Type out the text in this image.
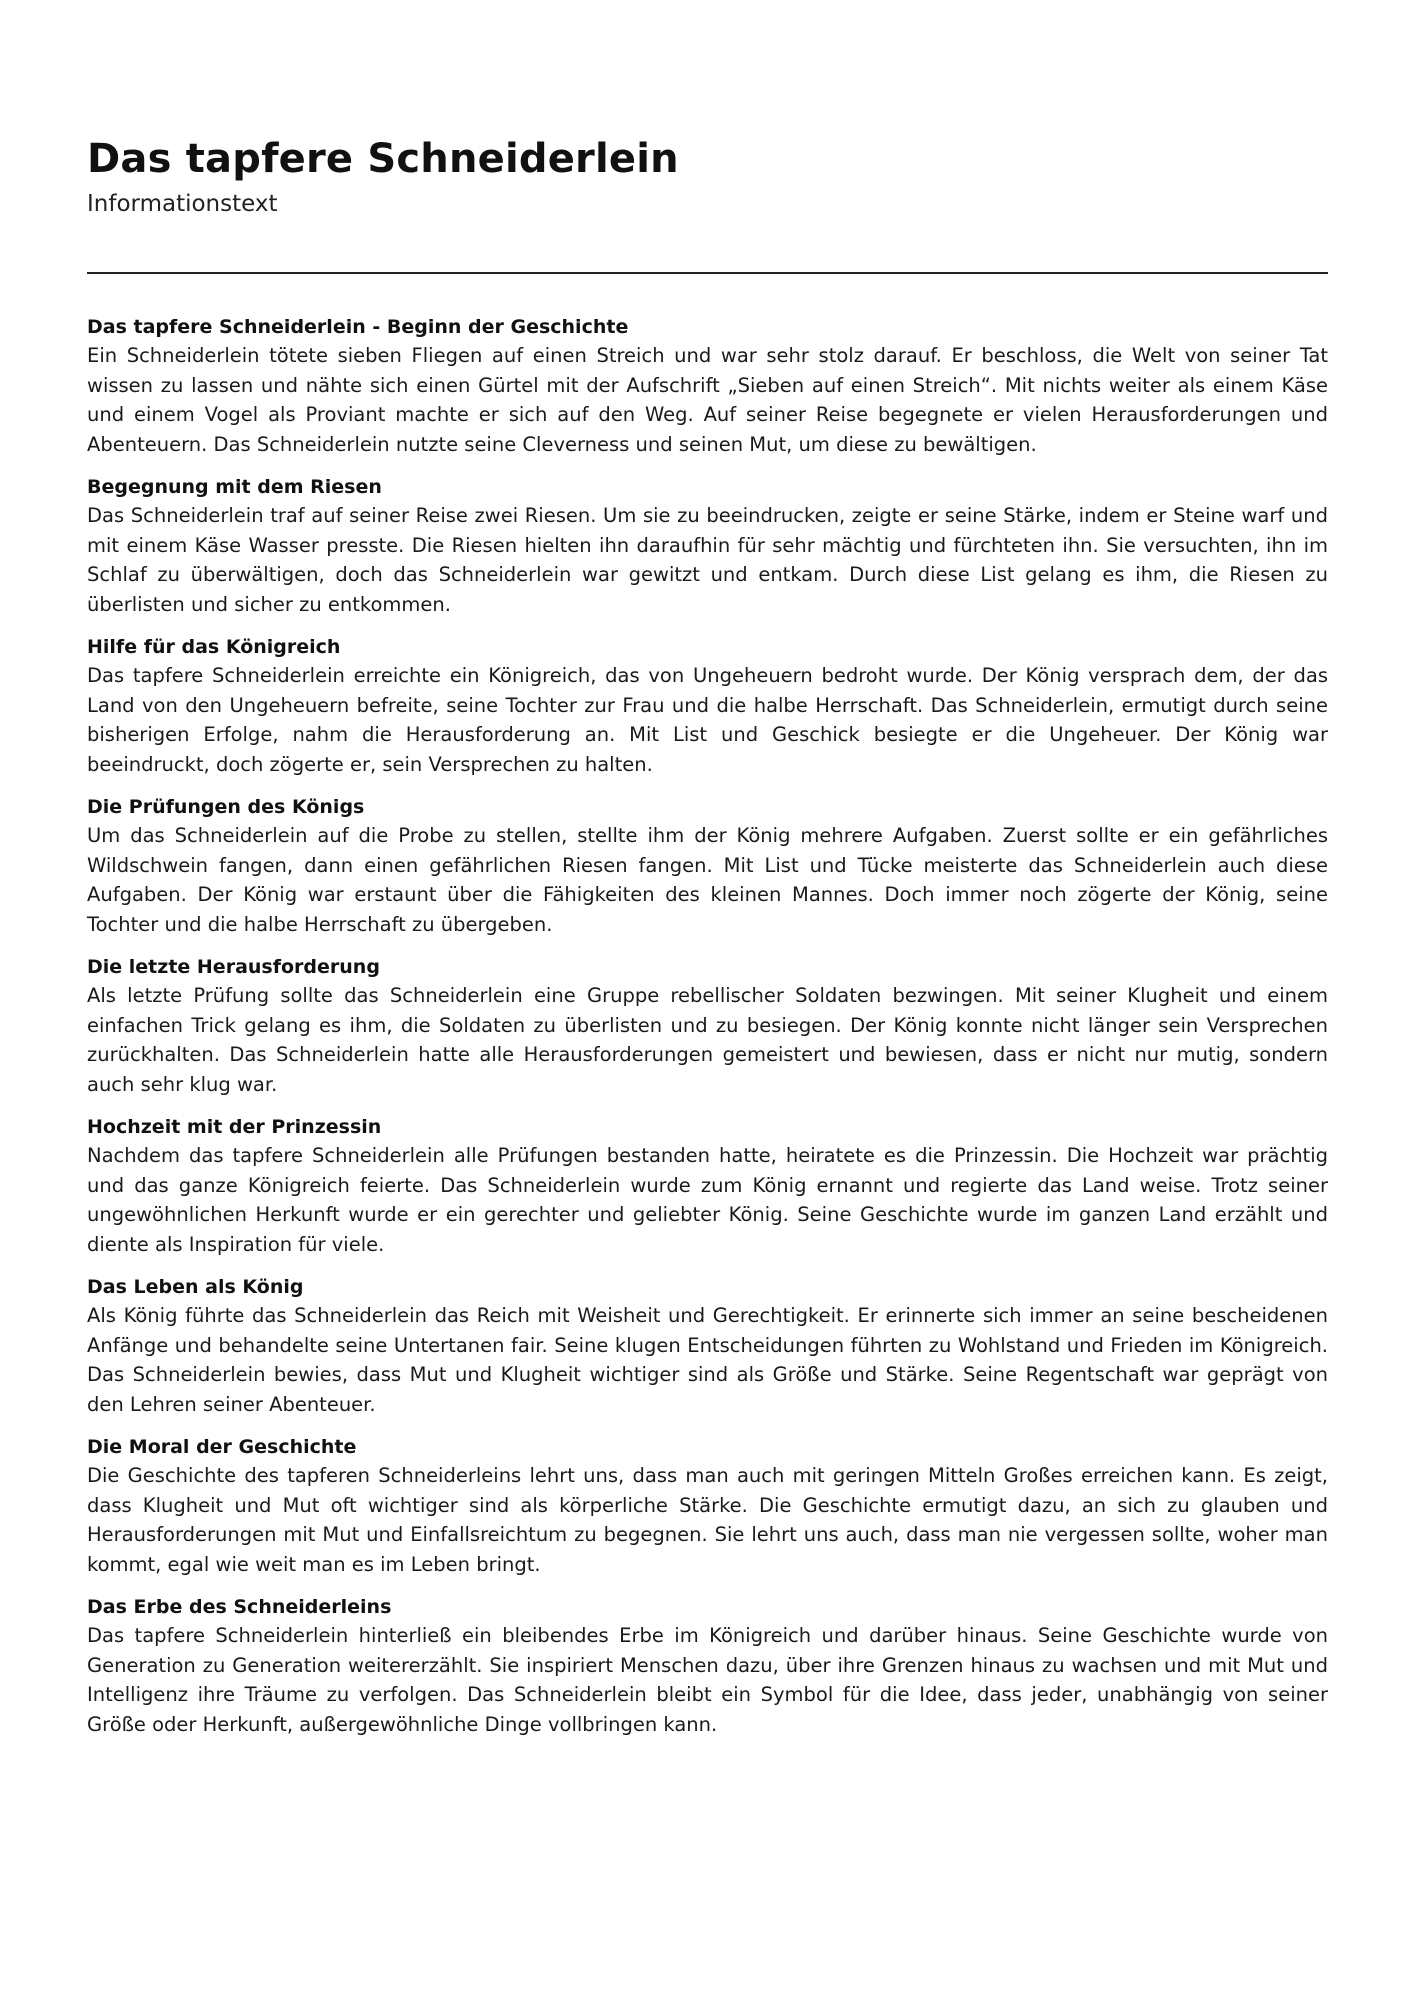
Das tapfere Schneiderlein

Informationstext

Das tapfere Schneiderlein - Beginn der Geschichte

Ein Schneiderlein tötete sieben Fliegen auf einen Streich und war sehr stolz darauf. Er beschloss, die Welt von seiner Tat wissen zu lassen und nähte sich einen Gürtel mit der Aufschrift „Sieben auf einen Streich“. Mit nichts weiter als einem Käse und einem Vogel als Proviant machte er sich auf den Weg. Auf seiner Reise begegnete er vielen Herausforderungen und Abenteuern. Das Schneiderlein nutzte seine Cleverness und seinen Mut, um diese zu bewältigen.

Begegnung mit dem Riesen

Das Schneiderlein traf auf seiner Reise zwei Riesen. Um sie zu beeindrucken, zeigte er seine Stärke, indem er Steine warf und mit einem Käse Wasser presste. Die Riesen hielten ihn daraufhin für sehr mächtig und fürchteten ihn. Sie versuchten, ihn im Schlaf zu überwältigen, doch das Schneiderlein war gewitzt und entkam. Durch diese List gelang es ihm, die Riesen zu überlisten und sicher zu entkommen.

Hilfe für das Königreich

Das tapfere Schneiderlein erreichte ein Königreich, das von Ungeheuern bedroht wurde. Der König versprach dem, der das Land von den Ungeheuern befreite, seine Tochter zur Frau und die halbe Herrschaft. Das Schneiderlein, ermutigt durch seine bisherigen Erfolge, nahm die Herausforderung an. Mit List und Geschick besiegte er die Ungeheuer. Der König war beeindruckt, doch zögerte er, sein Versprechen zu halten.

Die Prüfungen des Königs

Um das Schneiderlein auf die Probe zu stellen, stellte ihm der König mehrere Aufgaben. Zuerst sollte er ein gefährliches Wildschwein fangen, dann einen gefährlichen Riesen fangen. Mit List und Tücke meisterte das Schneiderlein auch diese Aufgaben. Der König war erstaunt über die Fähigkeiten des kleinen Mannes. Doch immer noch zögerte der König, seine Tochter und die halbe Herrschaft zu übergeben.

Die letzte Herausforderung

Als letzte Prüfung sollte das Schneiderlein eine Gruppe rebellischer Soldaten bezwingen. Mit seiner Klugheit und einem einfachen Trick gelang es ihm, die Soldaten zu überlisten und zu besiegen. Der König konnte nicht länger sein Versprechen zurückhalten. Das Schneiderlein hatte alle Herausforderungen gemeistert und bewiesen, dass er nicht nur mutig, sondern auch sehr klug war.

Hochzeit mit der Prinzessin

Nachdem das tapfere Schneiderlein alle Prüfungen bestanden hatte, heiratete es die Prinzessin. Die Hochzeit war prächtig und das ganze Königreich feierte. Das Schneiderlein wurde zum König ernannt und regierte das Land weise. Trotz seiner ungewöhnlichen Herkunft wurde er ein gerechter und geliebter König. Seine Geschichte wurde im ganzen Land erzählt und diente als Inspiration für viele.

Das Leben als König

Als König führte das Schneiderlein das Reich mit Weisheit und Gerechtigkeit. Er erinnerte sich immer an seine bescheidenen Anfänge und behandelte seine Untertanen fair. Seine klugen Entscheidungen führten zu Wohlstand und Frieden im Königreich. Das Schneiderlein bewies, dass Mut und Klugheit wichtiger sind als Größe und Stärke. Seine Regentschaft war geprägt von den Lehren seiner Abenteuer.

Die Moral der Geschichte

Die Geschichte des tapferen Schneiderleins lehrt uns, dass man auch mit geringen Mitteln Großes erreichen kann. Es zeigt, dass Klugheit und Mut oft wichtiger sind als körperliche Stärke. Die Geschichte ermutigt dazu, an sich zu glauben und Herausforderungen mit Mut und Einfallsreichtum zu begegnen. Sie lehrt uns auch, dass man nie vergessen sollte, woher man kommt, egal wie weit man es im Leben bringt.

Das Erbe des Schneiderleins

Das tapfere Schneiderlein hinterließ ein bleibendes Erbe im Königreich und darüber hinaus. Seine Geschichte wurde von Generation zu Generation weitererzählt. Sie inspiriert Menschen dazu, über ihre Grenzen hinaus zu wachsen und mit Mut und Intelligenz ihre Träume zu verfolgen. Das Schneiderlein bleibt ein Symbol für die Idee, dass jeder, unabhängig von seiner Größe oder Herkunft, außergewöhnliche Dinge vollbringen kann.
